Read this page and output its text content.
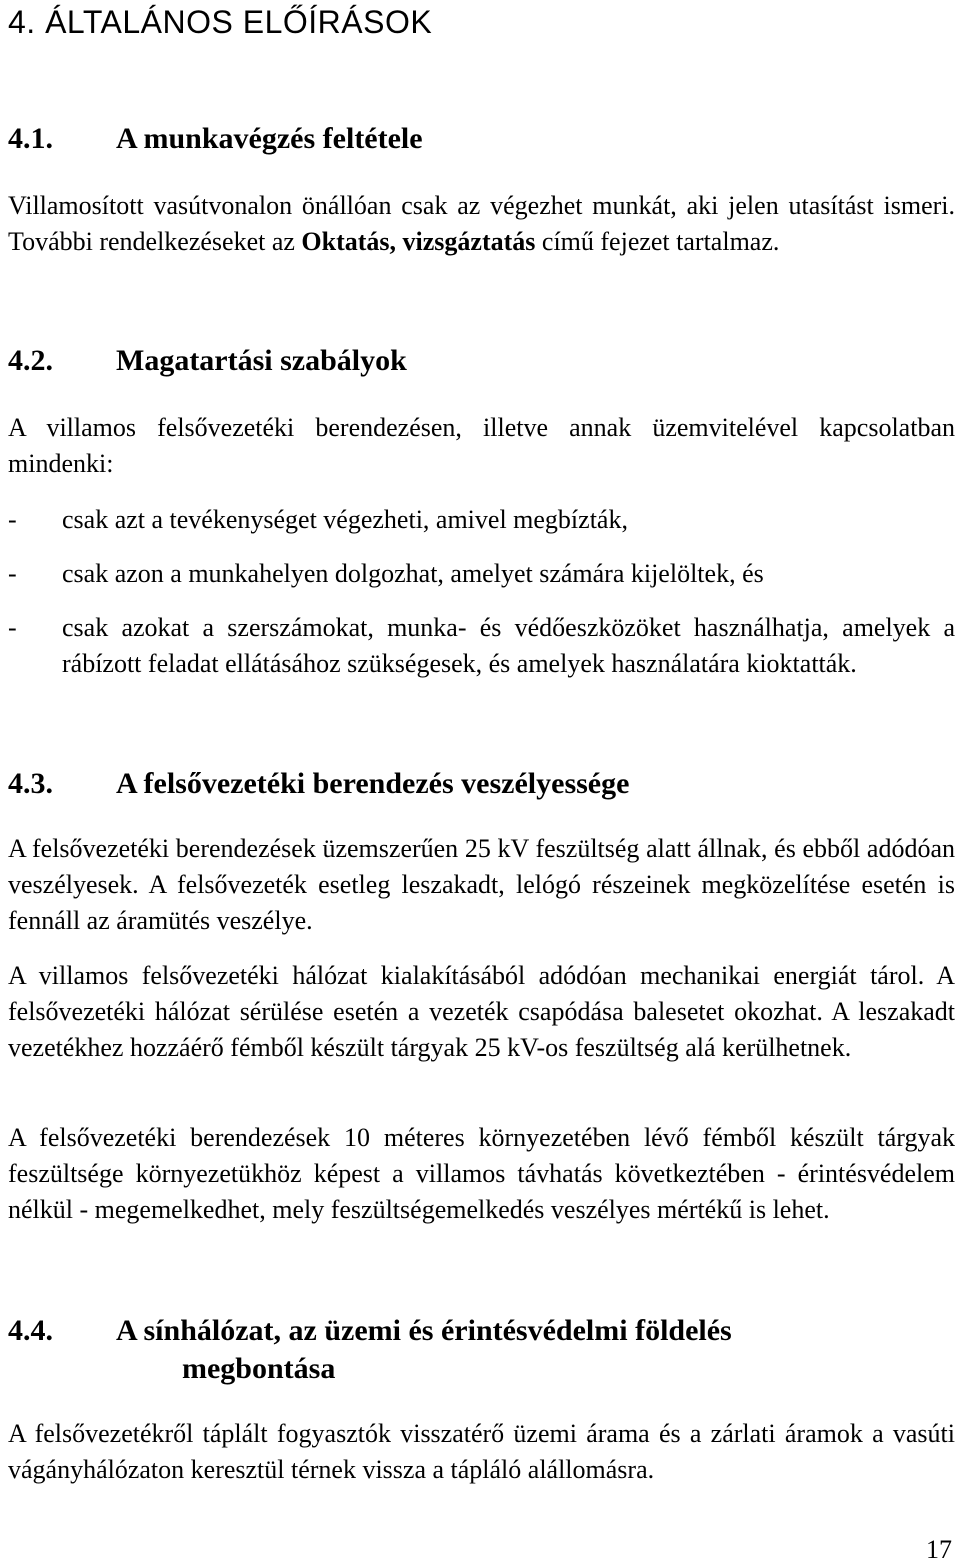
4. ÁLTALÁNOS ELŐÍRÁSOK
4.1. A munkavégzés feltétele
Villamosított vasútvonalon önállóan csak az végezhet munkát, aki jelen utasítást ismeri. További rendelkezéseket az Oktatás, vizsgáztatás című fejezet tartalmaz.
4.2. Magatartási szabályok
A villamos felsővezetéki berendezésen, illetve annak üzemvitelével kapcsolatban mindenki:
- csak azt a tevékenységet végezheti, amivel megbízták,
- csak azon a munkahelyen dolgozhat, amelyet számára kijelöltek, és
- csak azokat a szerszámokat, munka- és védőeszközöket használhatja, amelyek a rábízott feladat ellátásához szükségesek, és amelyek használatára kioktatták.
4.3. A felsővezetéki berendezés veszélyessége
A felsővezetéki berendezések üzemszerűen 25 kV feszültség alatt állnak, és ebből adódóan veszélyesek. A felsővezeték esetleg leszakadt, lelógó részeinek megközelítése esetén is fennáll az áramütés veszélye.
A villamos felsővezetéki hálózat kialakításából adódóan mechanikai energiát tárol. A felsővezetéki hálózat sérülése esetén a vezeték csapódása balesetet okozhat. A leszakadt vezetékhez hozzáérő fémből készült tárgyak 25 kV-os feszültség alá kerülhetnek.
A felsővezetéki berendezések 10 méteres környezetében lévő fémből készült tárgyak feszültsége környezetükhöz képest a villamos távhatás következtében - érintésvédelem nélkül - megemelkedhet, mely feszültségemelkedés veszélyes mértékű is lehet.
4.4. A sínhálózat, az üzemi és érintésvédelmi földelés
megbontása
A felsővezetékről táplált fogyasztók visszatérő üzemi árama és a zárlati áramok a vasúti vágányhálózaton keresztül térnek vissza a tápláló alállomásra.
17
